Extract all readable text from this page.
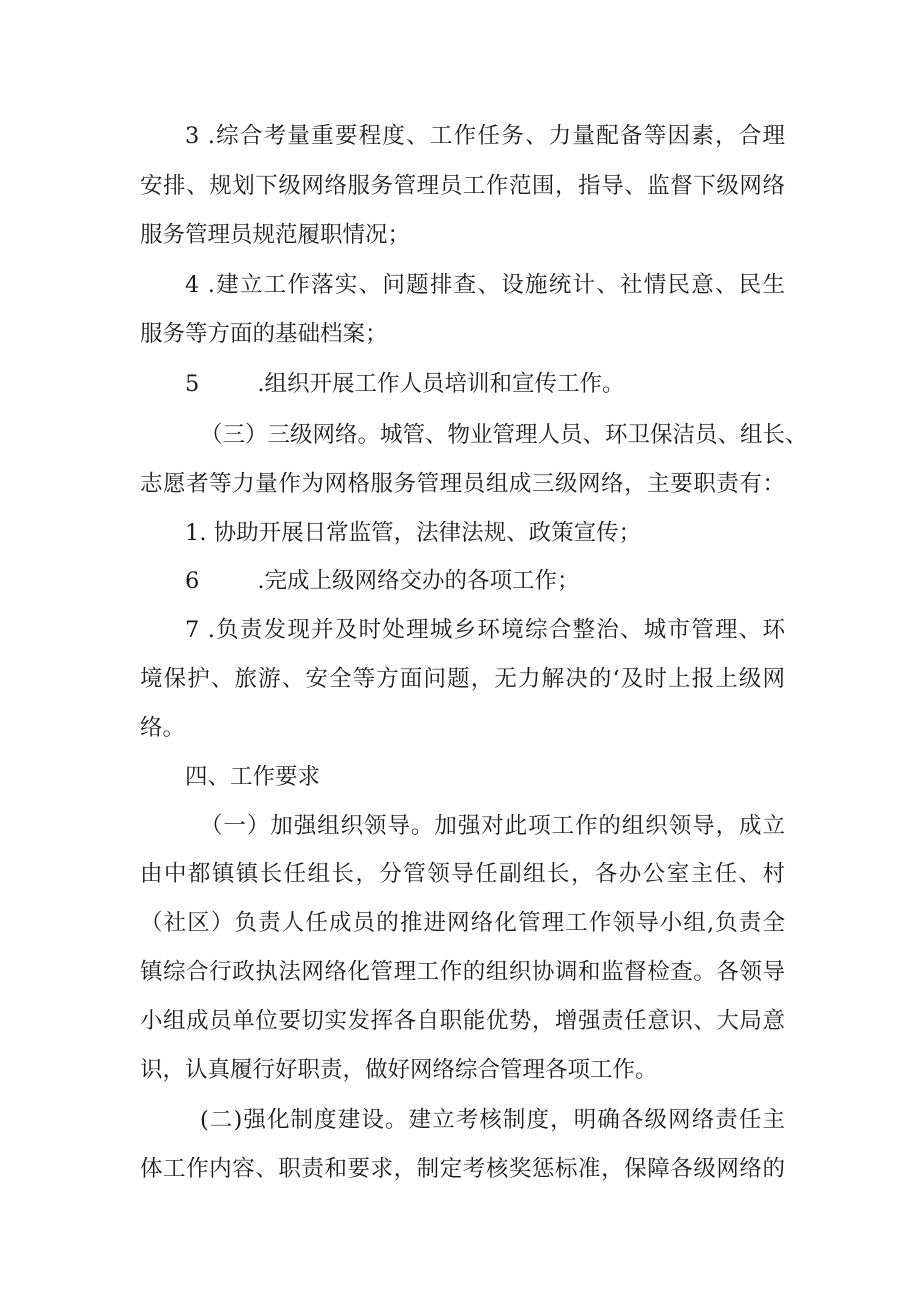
3 .综合考量重要程度、工作任务、力量配备等因素，合理
安排、规划下级网络服务管理员工作范围，指导、监督下级网络
服务管理员规范履职情况；
4 .建立工作落实、问题排查、设施统计、社情民意、民生
服务等方面的基础档案；
5	.组织开展工作人员培训和宣传工作。
（三）三级网络。城管、物业管理人员、环卫保洁员、组长、
志愿者等力量作为网格服务管理员组成三级网络，主要职责有：
1. 协助开展日常监管，法律法规、政策宣传；
6	.完成上级网络交办的各项工作；
7 .负责发现并及时处理城乡环境综合整治、城市管理、环
境保护、旅游、安全等方面问题，无力解决的‘及时上报上级网
络。
四、工作要求
（一）加强组织领导。加强对此项工作的组织领导，成立
由中都镇镇长任组长，分管领导任副组长，各办公室主任、村
（社区）负责人任成员的推进网络化管理工作领导小组,负责全
镇综合行政执法网络化管理工作的组织协调和监督检查。各领导
小组成员单位要切实发挥各自职能优势，增强责任意识、大局意
识，认真履行好职责，做好网络综合管理各项工作。
(二)强化制度建设。建立考核制度，明确各级网络责任主
体工作内容、职责和要求，制定考核奖惩标准，保障各级网络的
